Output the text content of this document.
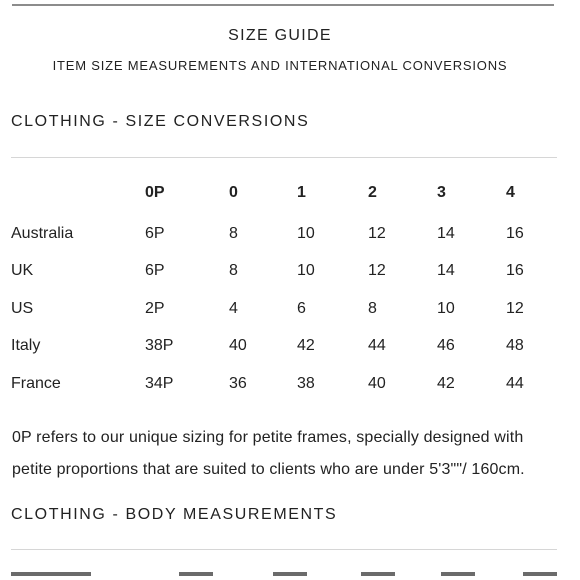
SIZE GUIDE
ITEM SIZE MEASUREMENTS AND INTERNATIONAL CONVERSIONS
CLOTHING - SIZE CONVERSIONS
	0P	0	1	2	3	4
Australia	6P	8	10	12	14	16
UK	6P	8	10	12	14	16
US	2P	4	6	8	10	12
Italy	38P	40	42	44	46	48
France	34P	36	38	40	42	44
0P refers to our unique sizing for petite frames, specially designed with petite proportions that are suited to clients who are under 5'3""/ 160cm.
CLOTHING - BODY MEASUREMENTS
